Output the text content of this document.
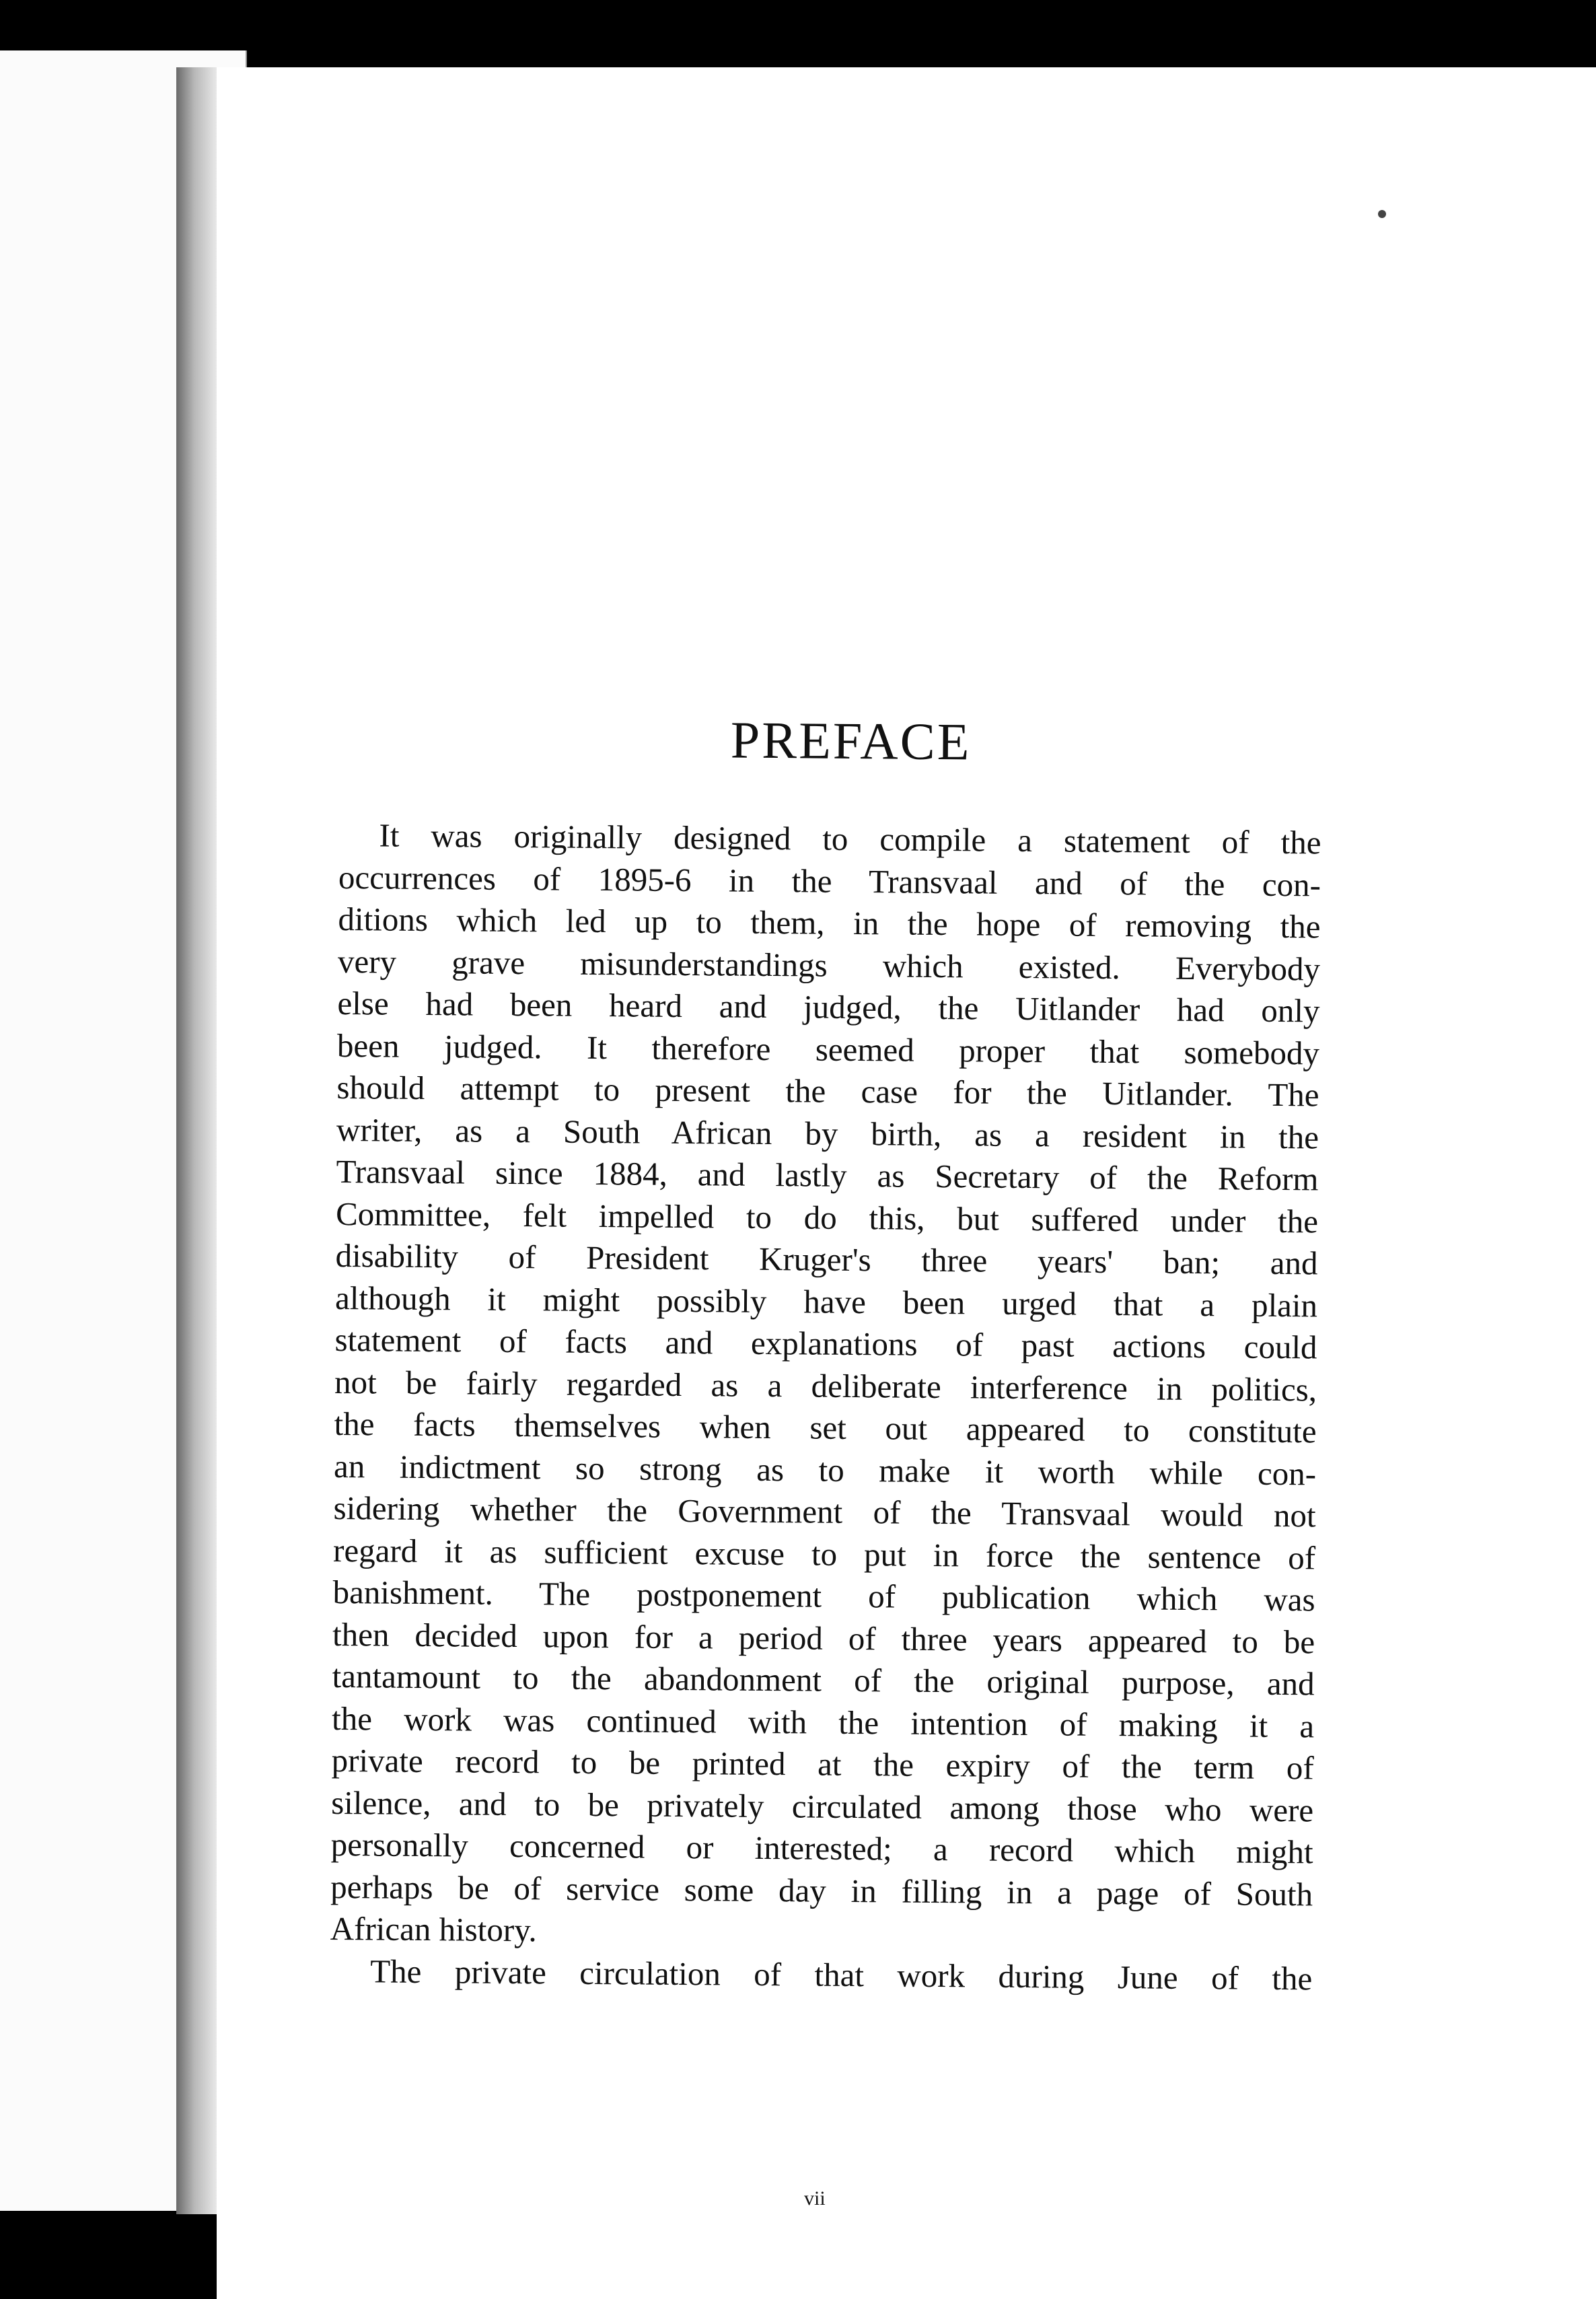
PREFACE

It was originally designed to compile a statement of the
occurrences of 1895-6 in the Transvaal and of the con-
ditions which led up to them, in the hope of removing the
very grave misunderstandings which existed. Everybody
else had been heard and judged, the Uitlander had only
been judged. It therefore seemed proper that somebody
should attempt to present the case for the Uitlander. The
writer, as a South African by birth, as a resident in the
Transvaal since 1884, and lastly as Secretary of the Reform
Committee, felt impelled to do this, but suffered under the
disability of President Kruger's three years' ban; and
although it might possibly have been urged that a plain
statement of facts and explanations of past actions could
not be fairly regarded as a deliberate interference in politics,
the facts themselves when set out appeared to constitute
an indictment so strong as to make it worth while con-
sidering whether the Government of the Transvaal would not
regard it as sufficient excuse to put in force the sentence of
banishment. The postponement of publication which was
then decided upon for a period of three years appeared to be
tantamount to the abandonment of the original purpose, and
the work was continued with the intention of making it a
private record to be printed at the expiry of the term of
silence, and to be privately circulated among those who were
personally concerned or interested; a record which might
perhaps be of service some day in filling in a page of South
African history.

The private circulation of that work during June of the

vii
